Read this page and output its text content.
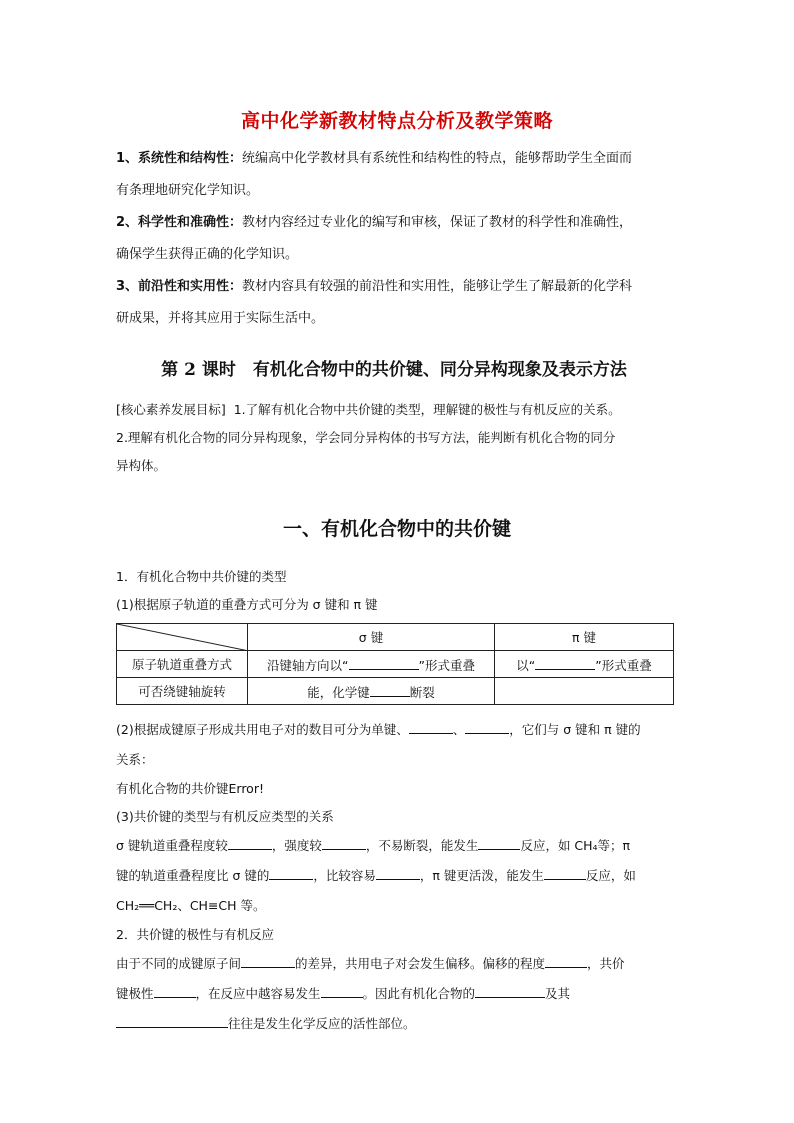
高中化学新教材特点分析及教学策略

1、系统性和结构性：统编高中化学教材具有系统性和结构性的特点，能够帮助学生全面而
有条理地研究化学知识。

2、科学性和准确性：教材内容经过专业化的编写和审核，保证了教材的科学性和准确性，
确保学生获得正确的化学知识。

3、前沿性和实用性：教材内容具有较强的前沿性和实用性，能够让学生了解最新的化学科
研成果，并将其应用于实际生活中。

第 2 课时　有机化合物中的共价键、同分异构现象及表示方法

[核心素养发展目标] 1.了解有机化合物中共价键的类型，理解键的极性与有机反应的关系。
2.理解有机化合物的同分异构现象，学会同分异构体的书写方法，能判断有机化合物的同分
异构体。

一、有机化合物中的共价键

1．有机化合物中共价键的类型

(1)根据原子轨道的重叠方式可分为 σ 键和 π 键

	σ 键	π 键
原子轨道重叠方式	沿键轴方向以“ ”形式重叠	以“ ”形式重叠
可否绕键轴旋转	能，化学键 断裂	

(2)根据成键原子形成共用电子对的数目可分为单键、	、	，它们与 σ 键和 π 键的
关系：

有机化合物的共价键Error!

(3)共价键的类型与有机反应类型的关系

σ 键轨道重叠程度较	，强度较	，不易断裂，能发生	反应，如 CH₄等；π
键的轨道重叠程度比 σ 键的	，比较容易	，π 键更活泼，能发生	反应，如
CH₂══CH₂、CH≡CH 等。

2．共价键的极性与有机反应

由于不同的成键原子间	的差异，共用电子对会发生偏移。偏移的程度	，共价
键极性	，在反应中越容易发生	。因此有机化合物的	及其
往往是发生化学反应的活性部位。
